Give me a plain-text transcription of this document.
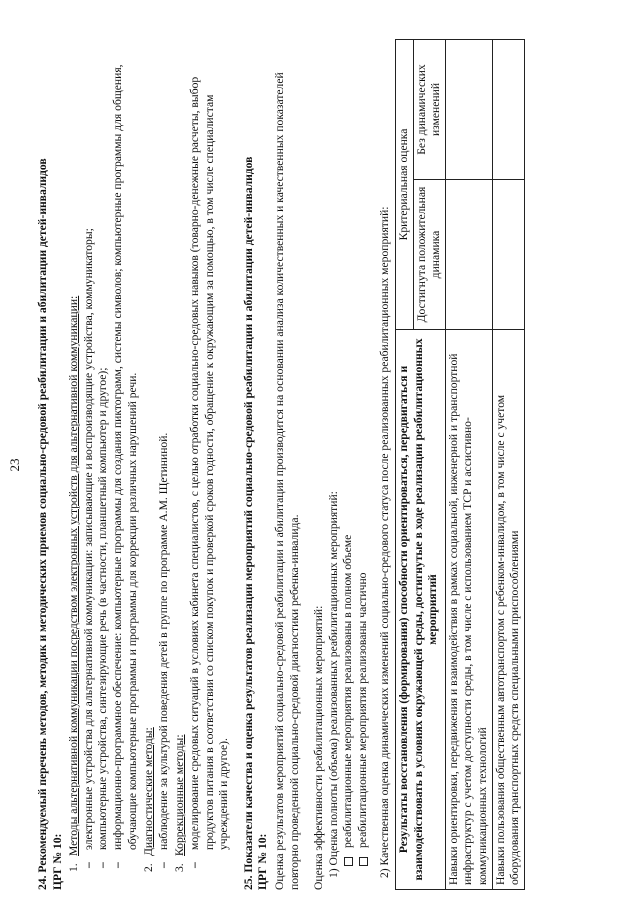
23 24. Рекомендуемый перечень методов, методик и методических приемов социально-средовой реабилитации и абилитации детей-инвалидов ЦРГ № 10: 1.Методы альтернативной коммуникации посредством электронных устройств для альтернативной коммуникации: – электронные устройства для альтернативной коммуникации: записывающие и воспроизводящие устройства, коммуникаторы; – компьютерные устройства, синтезирующие речь (в частности, планшетный компьютер и другое); – информационно-программное обеспечение: компьютерные программы для создания пиктограмм, системы символов; компьютерные программы для общения, обучающие компьютерные программы и программы для коррекции различных нарушений речи.
2.Диагностические методы: – наблюдение за культурой поведения детей в группе по программе А.М. Щетининой.
3.Коррекционные методы: – моделирование средовых ситуаций в условиях кабинета специалистов, с целью отработки социально-средовых навыков (товарно-денежные расчеты, выбор продуктов питания в соответствии со списком покупок и проверкой сроков годности, обращение к окружающим за помощью, в том числе специалистам учреждений и другое). 25. Показатели качества и оценка результатов реализации мероприятий социально-средовой реабилитации и абилитации детей-инвалидов ЦРГ № 10: Оценка результатов мероприятий социально-средовой реабилитации и абилитации производится на основании анализа количественных и качественных показателей повторно проведенной социально-средовой диагностики ребенка-инвалида. Оценка эффективности реабилитационных мероприятий: 1) Оценка полноты (объема) реализованных реабилитационных мероприятий: реабилитационные мероприятия реализованы в полном объеме реабилитационные мероприятия реализованы частично 2) Качественная оценка динамических изменений социально-средового статуса после реализованных реабилитационных мероприятий: Результаты восстановления (формирования) способности ориентироваться, передвигаться и взаимодействовать в условиях окружающей среды, достигнутые в ходе реализации реабилитационных мероприятий	Критериальная оценка	
	Достигнута положительная динамика	Без динамических изменений
Навыки ориентировки, передвижения и взаимодействия в рамках социальной, инженерной и транспортной инфраструктур с учетом доступности среды, в том числе с использованием ТСР и ассистивно-коммуникационных технологий		
Навыки пользования общественным автотранспортом с ребенком-инвалидом, в том числе с учетом оборудования транспортных средств специальными приспособлениями		
